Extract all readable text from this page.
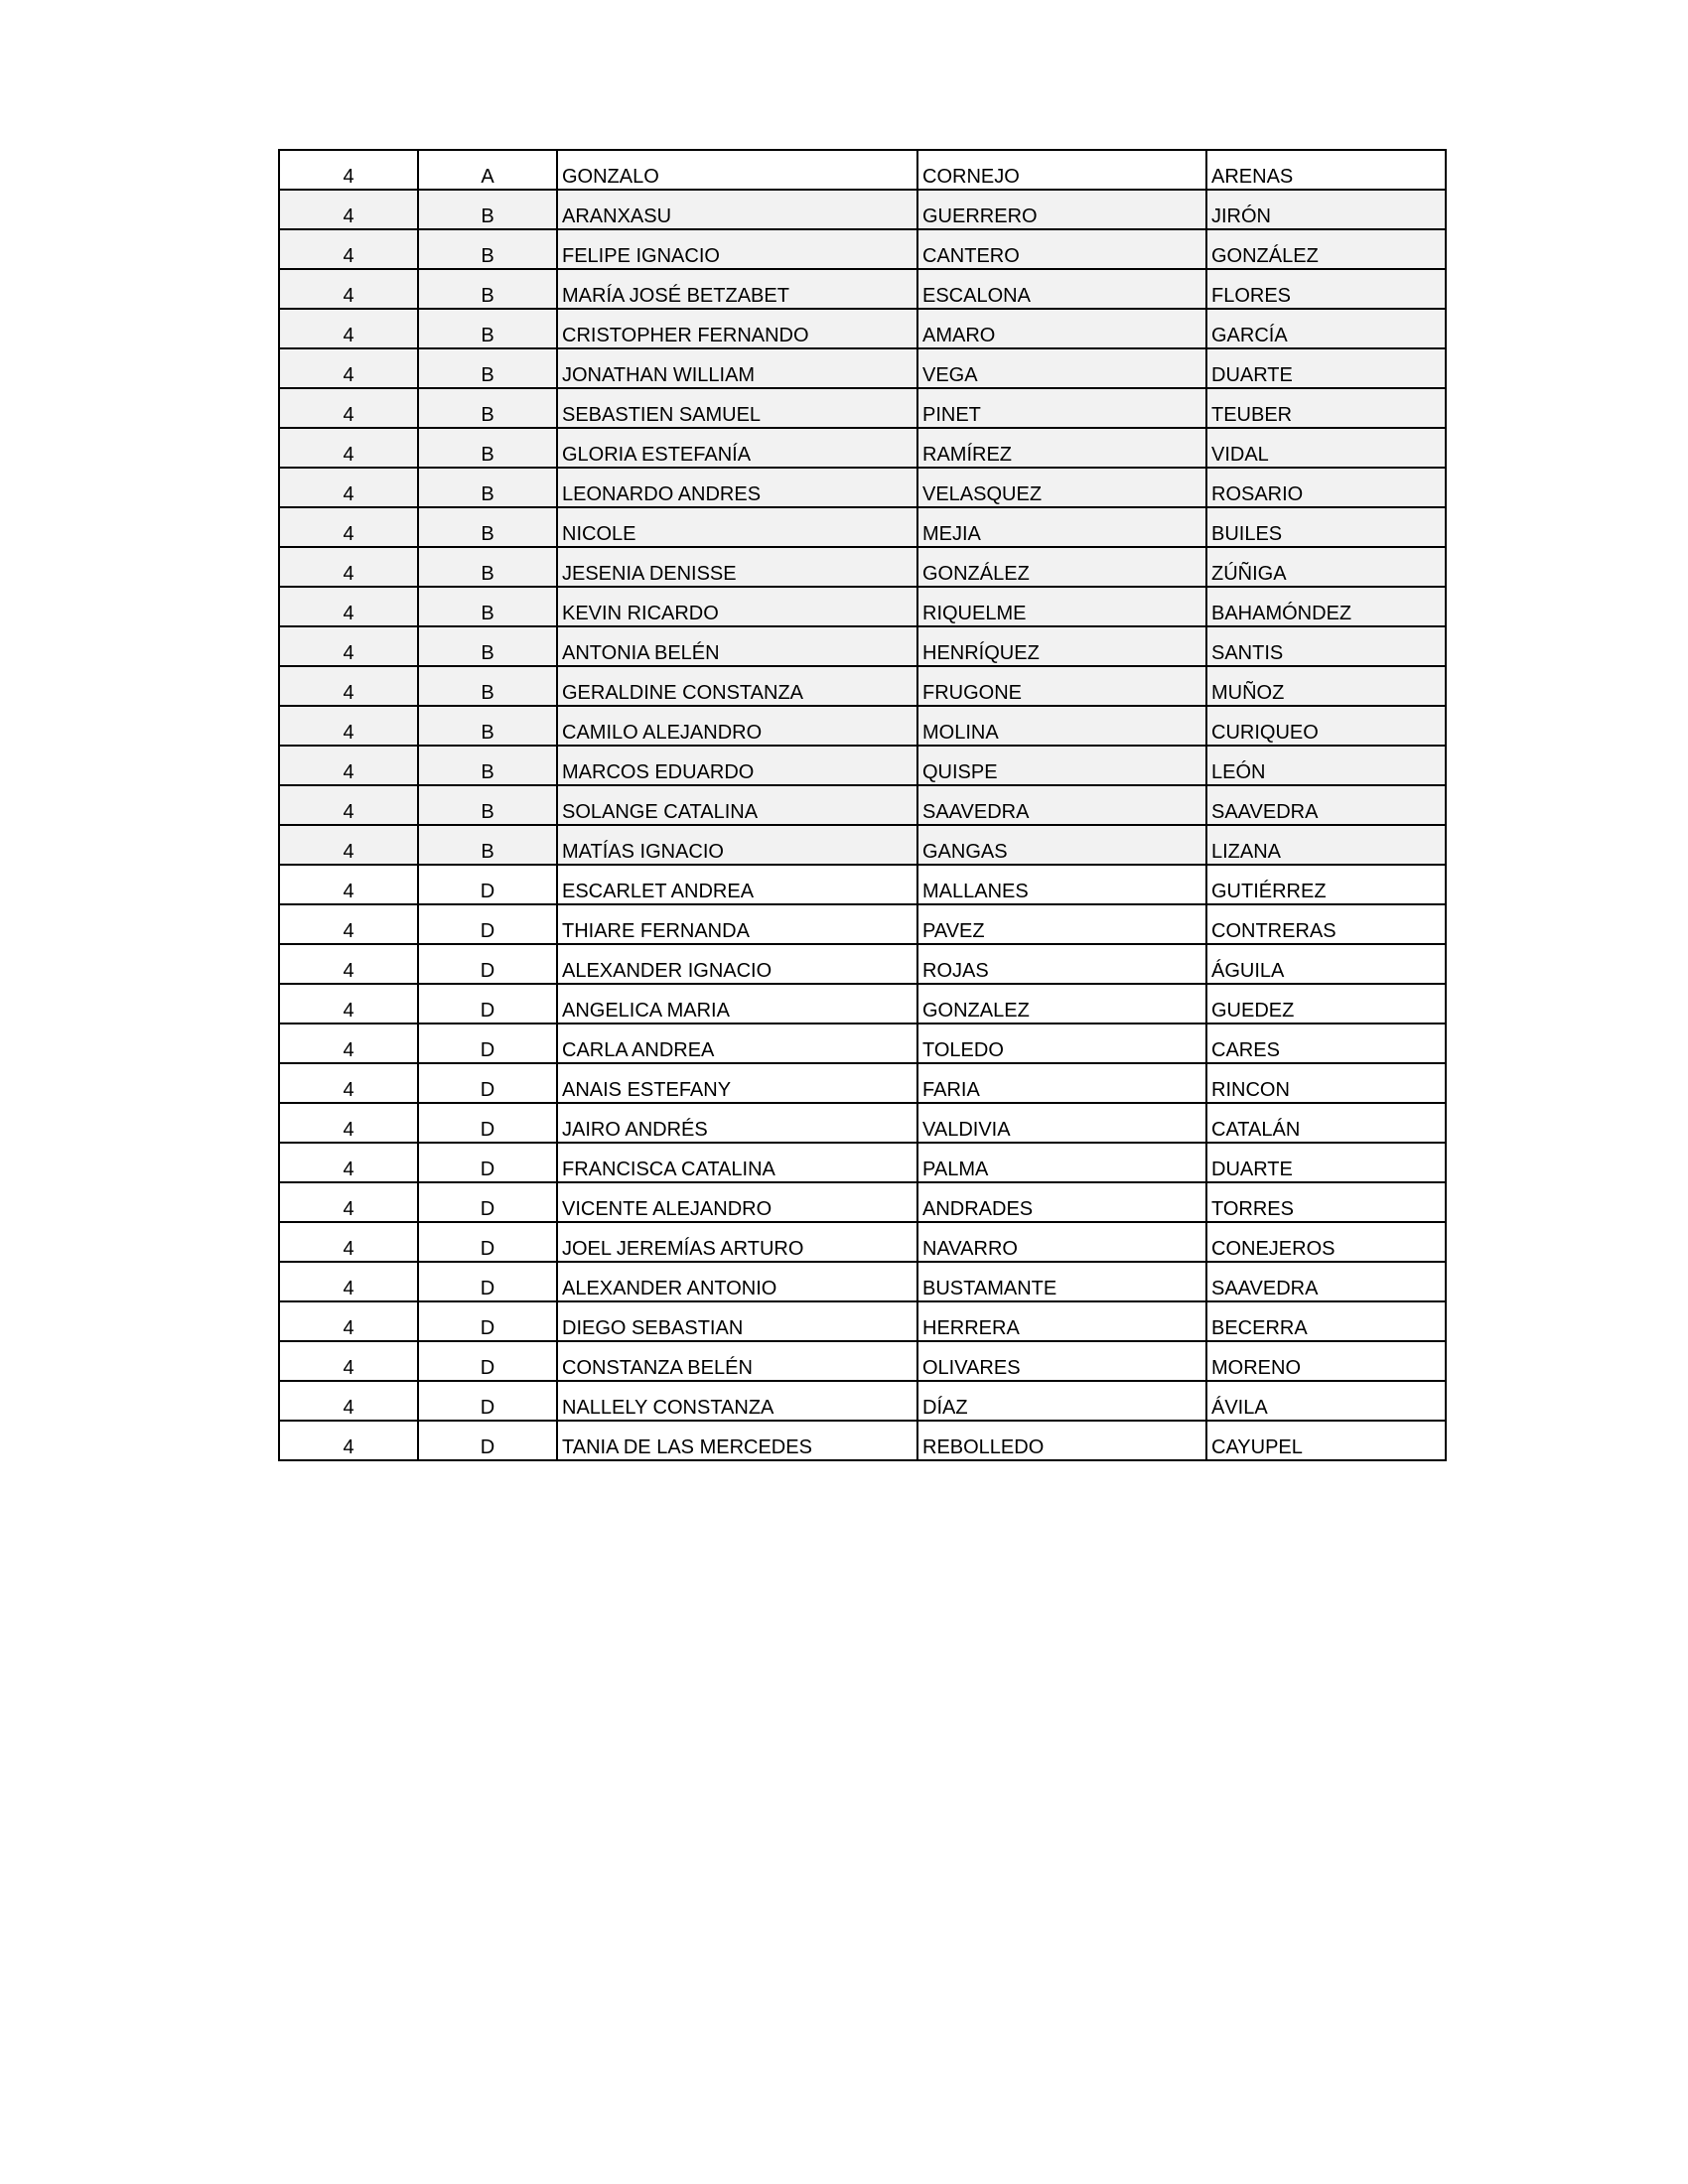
4	A	GONZALO	CORNEJO	ARENAS
4	B	ARANXASU	GUERRERO	JIRÓN
4	B	FELIPE IGNACIO	CANTERO	GONZÁLEZ
4	B	MARÍA JOSÉ BETZABET	ESCALONA	FLORES
4	B	CRISTOPHER FERNANDO	AMARO	GARCÍA
4	B	JONATHAN WILLIAM	VEGA	DUARTE
4	B	SEBASTIEN SAMUEL	PINET	TEUBER
4	B	GLORIA ESTEFANÍA	RAMÍREZ	VIDAL
4	B	LEONARDO ANDRES	VELASQUEZ	ROSARIO
4	B	NICOLE	MEJIA	BUILES
4	B	JESENIA DENISSE	GONZÁLEZ	ZÚÑIGA
4	B	KEVIN RICARDO	RIQUELME	BAHAMÓNDEZ
4	B	ANTONIA BELÉN	HENRÍQUEZ	SANTIS
4	B	GERALDINE CONSTANZA	FRUGONE	MUÑOZ
4	B	CAMILO ALEJANDRO	MOLINA	CURIQUEO
4	B	MARCOS EDUARDO	QUISPE	LEÓN
4	B	SOLANGE CATALINA	SAAVEDRA	SAAVEDRA
4	B	MATÍAS IGNACIO	GANGAS	LIZANA
4	D	ESCARLET ANDREA	MALLANES	GUTIÉRREZ
4	D	THIARE FERNANDA	PAVEZ	CONTRERAS
4	D	ALEXANDER IGNACIO	ROJAS	ÁGUILA
4	D	ANGELICA MARIA	GONZALEZ	GUEDEZ
4	D	CARLA ANDREA	TOLEDO	CARES
4	D	ANAIS ESTEFANY	FARIA	RINCON
4	D	JAIRO ANDRÉS	VALDIVIA	CATALÁN
4	D	FRANCISCA CATALINA	PALMA	DUARTE
4	D	VICENTE ALEJANDRO	ANDRADES	TORRES
4	D	JOEL JEREMÍAS ARTURO	NAVARRO	CONEJEROS
4	D	ALEXANDER ANTONIO	BUSTAMANTE	SAAVEDRA
4	D	DIEGO SEBASTIAN	HERRERA	BECERRA
4	D	CONSTANZA BELÉN	OLIVARES	MORENO
4	D	NALLELY CONSTANZA	DÍAZ	ÁVILA
4	D	TANIA DE LAS MERCEDES	REBOLLEDO	CAYUPEL
